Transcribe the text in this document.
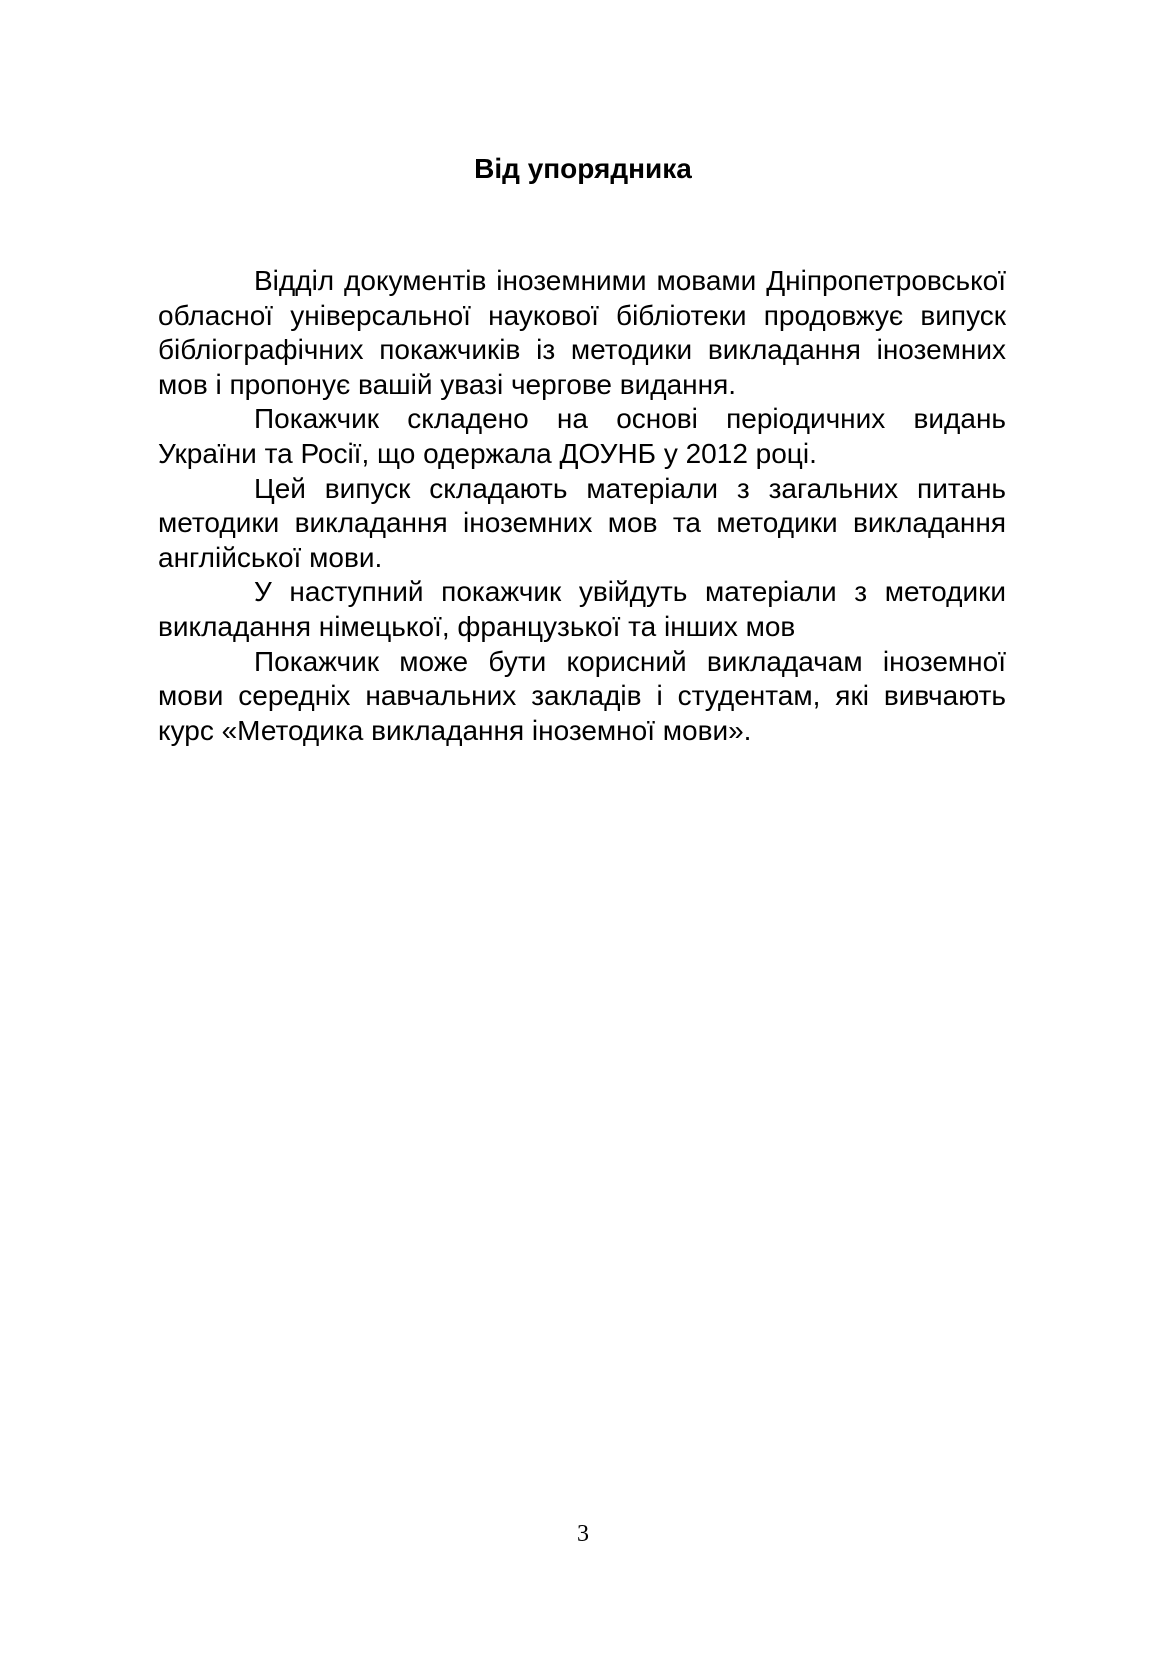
Від упорядника

Відділ документів іноземними мовами Дніпропетровської обласної універсальної наукової бібліотеки продовжує випуск бібліографічних покажчиків із методики викладання іноземних мов і пропонує вашій увазі чергове видання.

Покажчик складено на основі періодичних видань України та Росії, що одержала ДОУНБ у 2012 році.

Цей випуск складають матеріали з загальних питань методики викладання іноземних мов та методики викладання англійської мови.

У наступний покажчик увійдуть матеріали з методики викладання німецької, французької та інших мов

Покажчик може бути корисний викладачам іноземної мови середніх навчальних закладів і студентам, які вивчають курс «Методика викладання іноземної мови».

3
